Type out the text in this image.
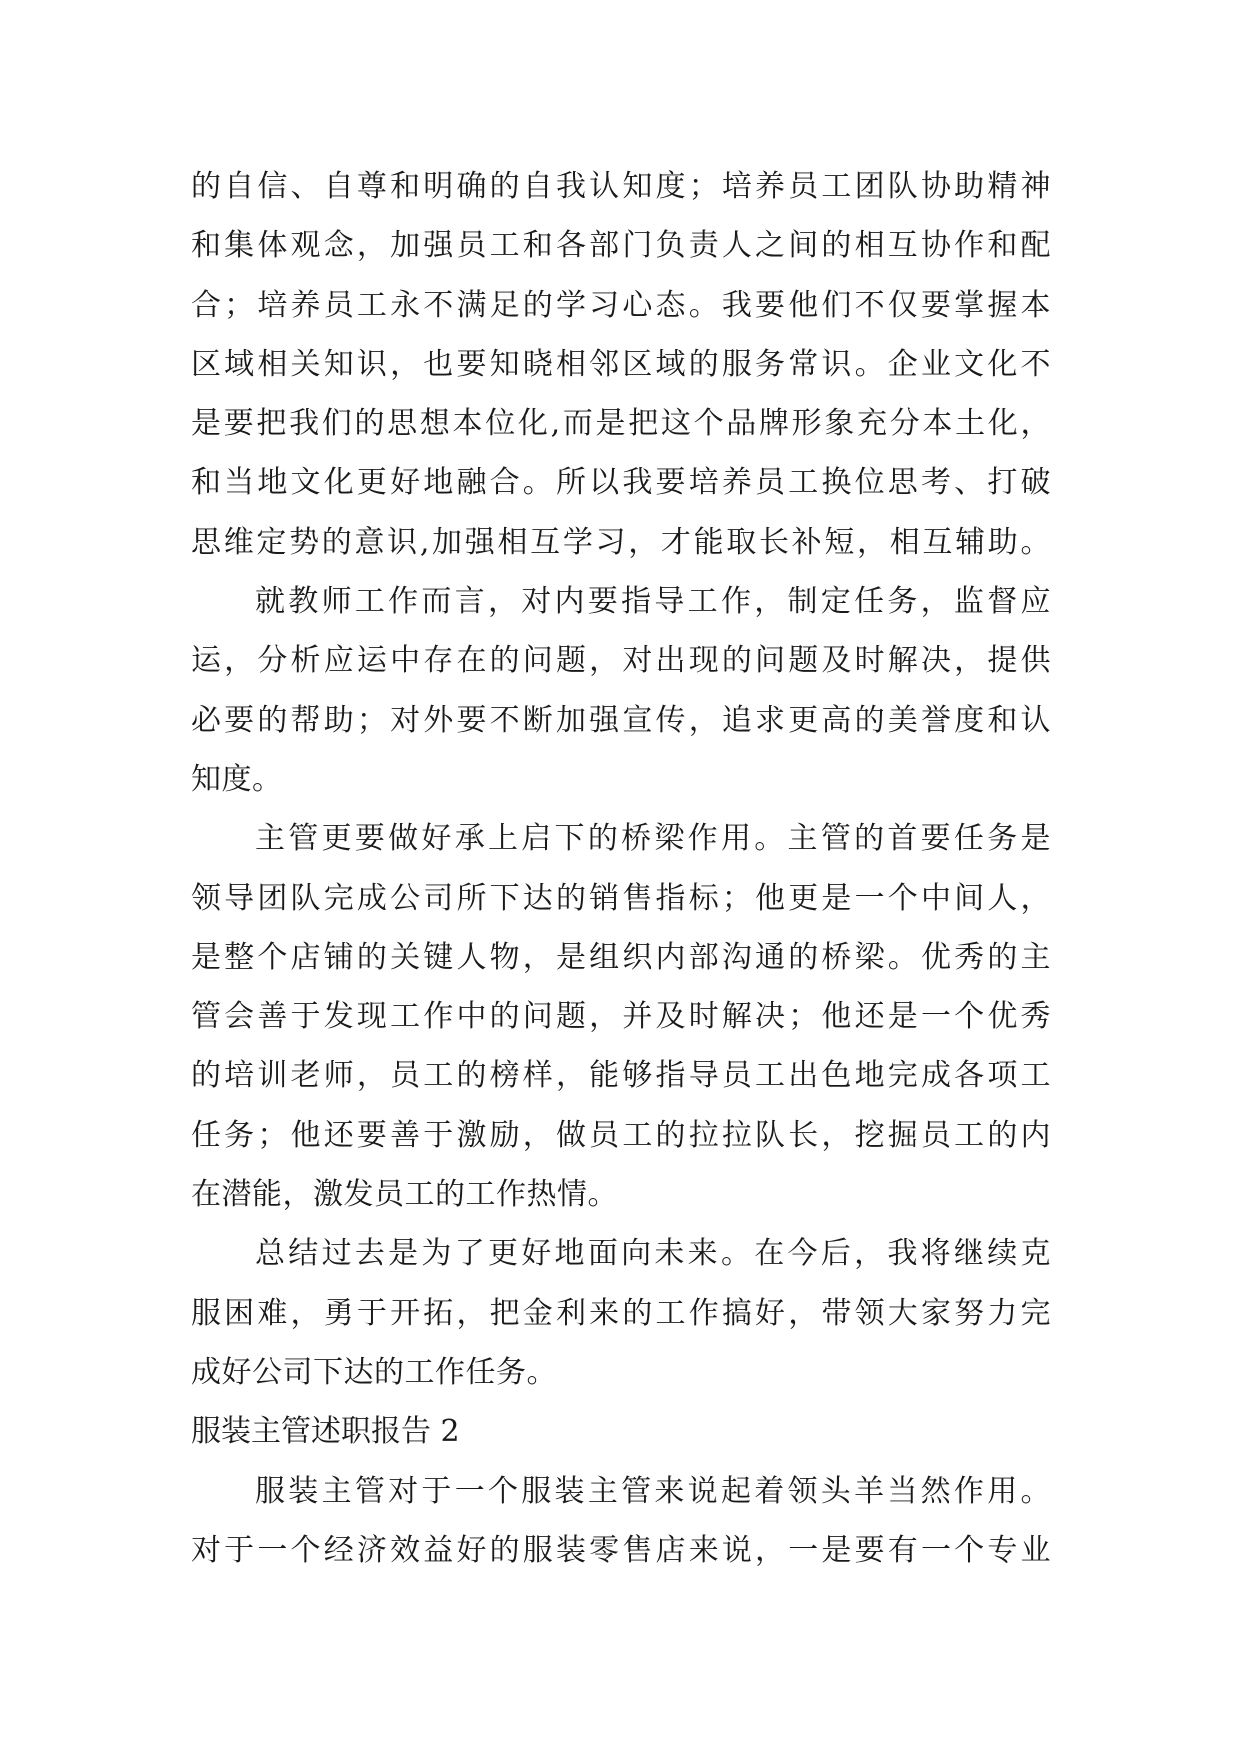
的自信、自尊和明确的自我认知度；培养员工团队协助精神
和集体观念，加强员工和各部门负责人之间的相互协作和配
合；培养员工永不满足的学习心态。我要他们不仅要掌握本
区域相关知识，也要知晓相邻区域的服务常识。企业文化不
是要把我们的思想本位化,而是把这个品牌形象充分本土化，
和当地文化更好地融合。所以我要培养员工换位思考、打破
思维定势的意识,加强相互学习，才能取长补短，相互辅助。
就教师工作而言，对内要指导工作，制定任务，监督应
运，分析应运中存在的问题，对出现的问题及时解决，提供
必要的帮助；对外要不断加强宣传，追求更高的美誉度和认
知度。
主管更要做好承上启下的桥梁作用。主管的首要任务是
领导团队完成公司所下达的销售指标；他更是一个中间人，
是整个店铺的关键人物，是组织内部沟通的桥梁。优秀的主
管会善于发现工作中的问题，并及时解决；他还是一个优秀
的培训老师，员工的榜样，能够指导员工出色地完成各项工
任务；他还要善于激励，做员工的拉拉队长，挖掘员工的内
在潜能，激发员工的工作热情。
总结过去是为了更好地面向未来。在今后，我将继续克
服困难，勇于开拓，把金利来的工作搞好，带领大家努力完
成好公司下达的工作任务。
服装主管述职报告 2
服装主管对于一个服装主管来说起着领头羊当然作用。
对于一个经济效益好的服装零售店来说，一是要有一个专业
